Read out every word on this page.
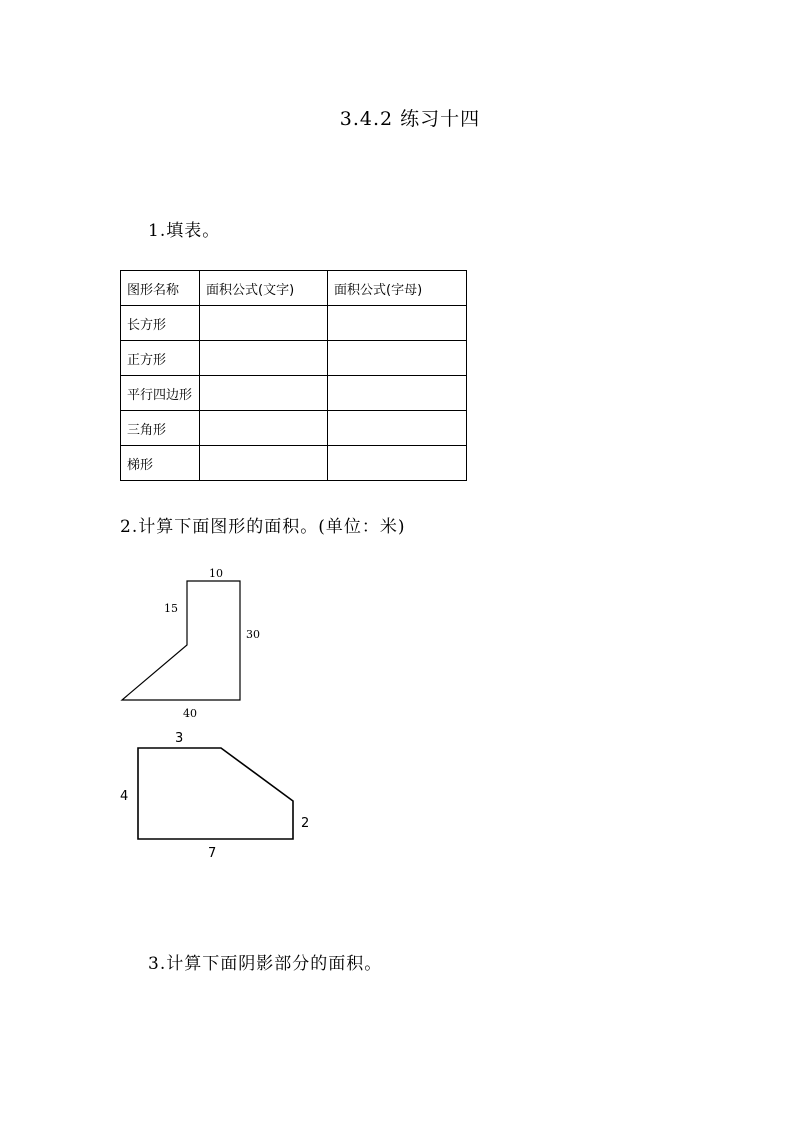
3.4.2 练习十四
1.填表。
图形名称	面积公式(文字)	面积公式(字母)
长方形		
正方形		
平行四边形		
三角形		
梯形		
2.计算下面图形的面积。(单位：米)
10
15
30
40
3
4
2
7
3.计算下面阴影部分的面积。
